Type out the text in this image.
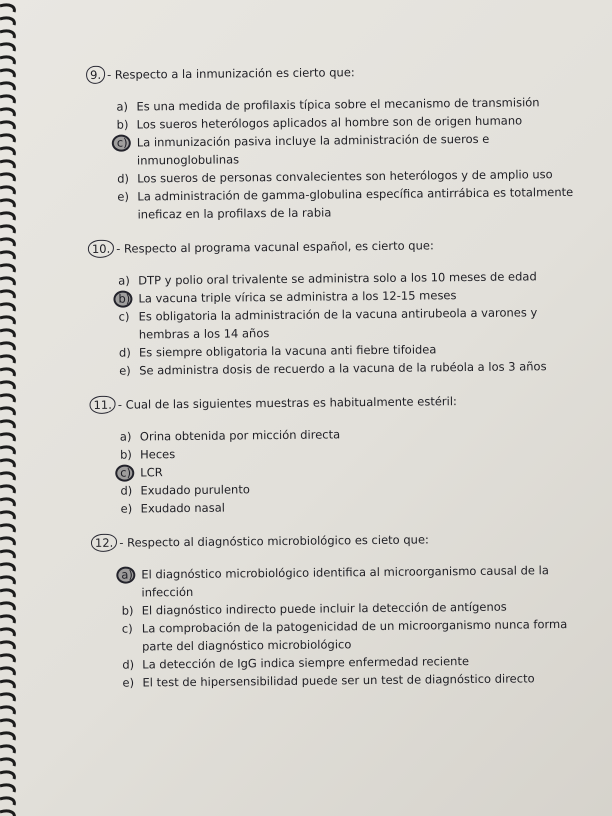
9. - Respecto a la inmunización es cierto que:
a) Es una medida de profilaxis típica sobre el mecanismo de transmisión
b) Los sueros heterólogos aplicados al hombre son de origen humano
c) La inmunización pasiva incluye la administración de sueros e inmunoglobulinas
d) Los sueros de personas convalecientes son heterólogos y de amplio uso
e) La administración de gamma-globulina específica antirrábica es totalmente ineficaz en la profilaxs de la rabia
10. - Respecto al programa vacunal español, es cierto que:
a) DTP y polio oral trivalente se administra solo a los 10 meses de edad
b) La vacuna triple vírica se administra a los 12-15 meses
c) Es obligatoria la administración de la vacuna antirubeola a varones y hembras a los 14 años
d) Es siempre obligatoria la vacuna anti fiebre tifoidea
e) Se administra dosis de recuerdo a la vacuna de la rubéola a los 3 años
11. - Cual de las siguientes muestras es habitualmente estéril:
a) Orina obtenida por micción directa
b) Heces
c) LCR
d) Exudado purulento
e) Exudado nasal
12. - Respecto al diagnóstico microbiológico es cieto que:
a) El diagnóstico microbiológico identifica al microorganismo causal de la infección
b) El diagnóstico indirecto puede incluir la detección de antígenos
c) La comprobación de la patogenicidad de un microorganismo nunca forma parte del diagnóstico microbiológico
d) La detección de IgG indica siempre enfermedad reciente
e) El test de hipersensibilidad puede ser un test de diagnóstico directo
